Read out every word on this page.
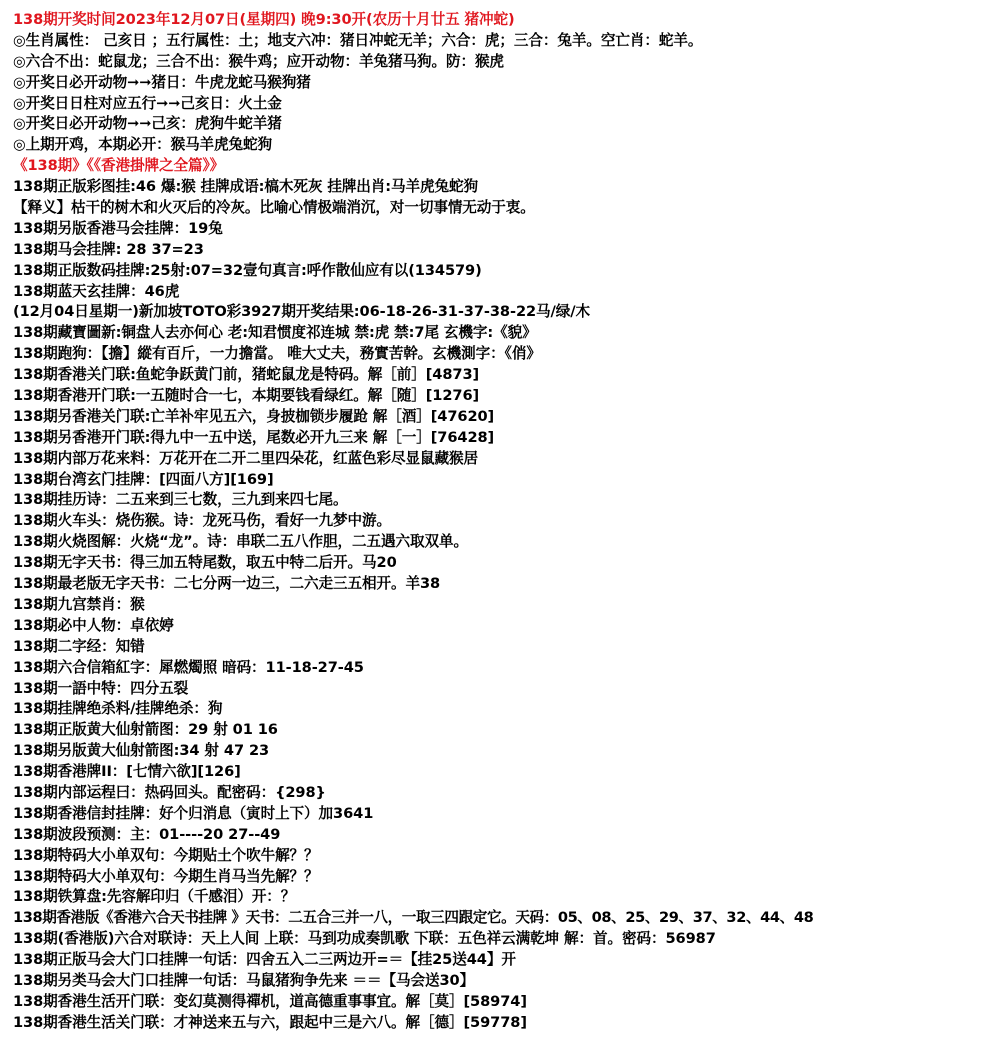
138期开奖时间2023年12月07日(星期四) 晚9:30开(农历十月廿五 猪冲蛇)
◎生肖属性： 己亥日 ；五行属性：土；地支六冲：猪日冲蛇无羊；六合：虎；三合：兔羊。空亡肖：蛇羊。
◎六合不出：蛇鼠龙；三合不出：猴牛鸡；应开动物：羊兔猪马狗。防：猴虎
◎开奖日必开动物➞➞猪日：牛虎龙蛇马猴狗猪
◎开奖日日柱对应五行➞➞己亥日：火土金
◎开奖日必开动物➞➞己亥：虎狗牛蛇羊猪
◎上期开鸡，本期必开：猴马羊虎兔蛇狗
《138期》《《香港掛牌之全篇》》
138期正版彩图挂:46 爆:猴 挂牌成语:槁木死灰 挂牌出肖:马羊虎兔蛇狗
【释义】枯干的树木和火灭后的冷灰。比喻心情极端消沉，对一切事情无动于衷。
138期另版香港马会挂牌：19兔
138期马会挂牌: 28 37=23
138期正版数码挂牌:25射:07=32壹句真言:呼作散仙应有以(134579)
138期蓝天玄挂牌：46虎
(12月04日星期一)新加坡TOTO彩3927期开奖结果:06-18-26-31-37-38-22马/绿/木
138期藏寶圖新:铜盘人去亦何心 老:知君惯度祁连城 禁:虎 禁:7尾 玄機字:《貌》
138期跑狗：【擔】縱有百斤，一力擔當。 唯大丈夫，務實苦幹。玄機測字：《俏》
138期香港关门联:鱼蛇争跃黄门前，猪蛇鼠龙是特码。解［前］[4873]
138期香港开门联:一五随时合一七，本期要钱看绿红。解［随］[1276]
138期另香港关门联:亡羊补牢见五六，身披枷锁步履跄 解［酒］[47620]
138期另香港开门联:得九中一五中送，尾数必开九三来 解［一］[76428]
138期内部万花来料：万花开在二开二里四朵花，红蓝色彩尽显鼠藏猴居
138期台湾玄门挂牌：[四面八方][169]
138期挂历诗：二五来到三七数，三九到来四七尾。
138期火车头：烧伤猴。诗：龙死马伤，看好一九梦中游。
138期火烧图解：火烧“龙”。诗：串联二五八作胆，二五遇六取双单。
138期无字天书：得三加五特尾数，取五中特二后开。马20
138期最老版无字天书：二七分两一边三，二六走三五相开。羊38
138期九宫禁肖：猴
138期必中人物：卓依婷
138期二字经：知错
138期六合信箱紅字：犀燃燭照 暗码：11-18-27-45
138期一語中特：四分五裂
138期挂牌绝杀料/挂牌绝杀：狗
138期正版黄大仙射箭图：29 射 01 16
138期另版黄大仙射箭图:34 射 47 23
138期香港牌II：[七情六欲][126]
138期内部运程曰：热码回头。配密码：{298}
138期香港信封挂牌：好个归消息（寅时上下）加3641
138期波段预测：主：01----20 27--49
138期特码大小单双句：今期贴土个吹牛解？？
138期特码大小单双句：今期生肖马当先解？？
138期铁算盘:先容解印归（千感泪）开：？
138期香港版《香港六合天书挂牌 》天书：二五合三并一八，一取三四跟定它。天码：05、08、25、29、37、32、44、48
138期(香港版)六合对联诗：天上人间 上联：马到功成奏凯歌 下联：五色祥云满乾坤 解：首。密码：56987
138期正版马会大门口挂牌一句话：四舍五入二三两边开=＝【挂25送44】开
138期另类马会大门口挂牌一句话：马鼠猪狗争先来 ＝＝【马会送30】
138期香港生活开门联：变幻莫测得禪机，道高德重事事宜。解［莫］[58974]
138期香港生活关门联：才神送来五与六，跟起中三是六八。解［德］[59778]
